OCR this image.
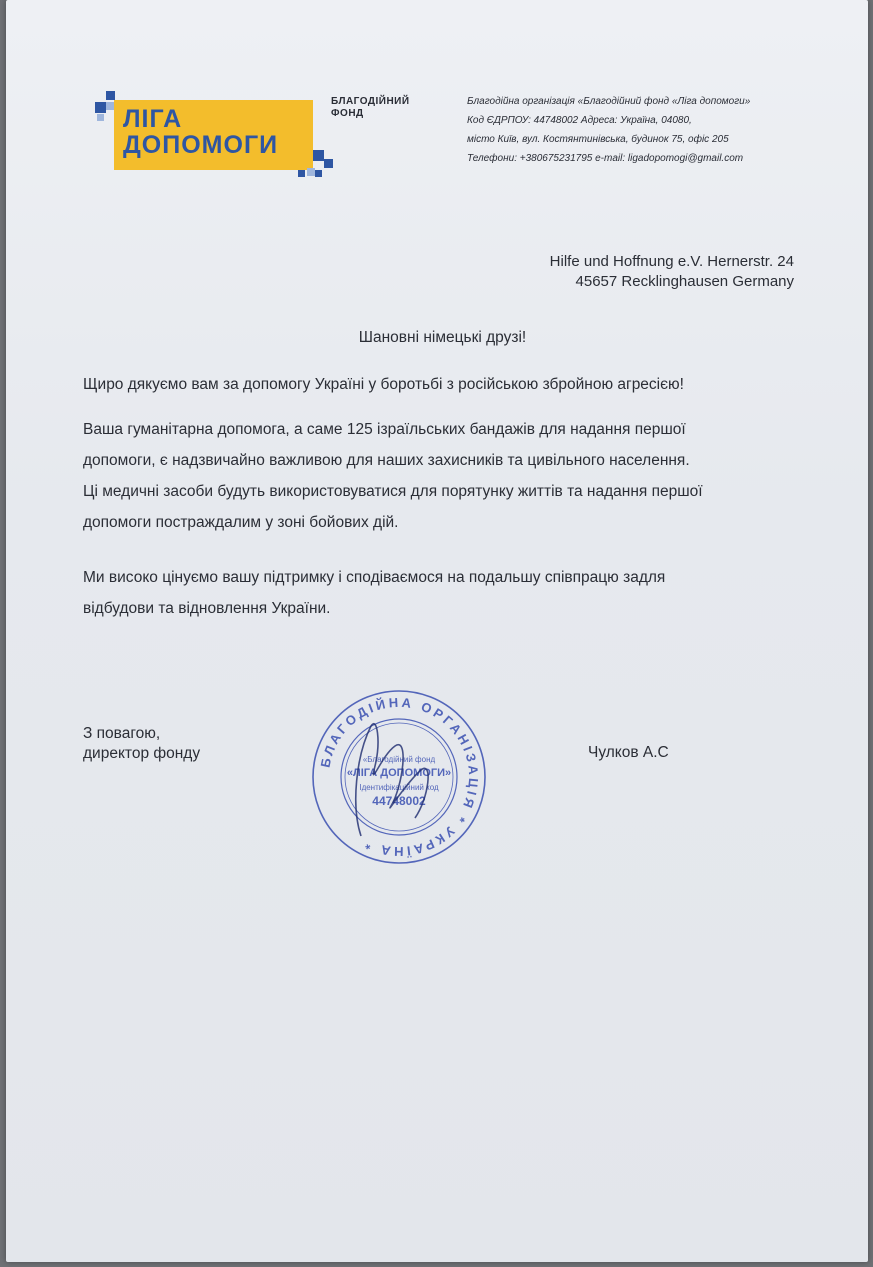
ЛІГА
ДОПОМОГИ
БЛАГОДІЙНИЙ
ФОНД
Благодійна організація «Благодійний фонд «Ліга допомоги»
Код ЄДРПОУ: 44748002 Адреса: Україна, 04080,
місто Київ, вул. Костянтинівська, будинок 75, офіс 205
Телефони: +380675231795 e-mail: ligadopomogi@gmail.com
Hilfe und Hoffnung e.V. Hernerstr. 24
45657 Recklinghausen Germany
Шановні німецькі друзі!
Щиро дякуємо вам за допомогу Україні у боротьбі з російською збройною агресією!
Ваша гуманітарна допомога, а саме 125 ізраїльських бандажів для надання першої
допомоги, є надзвичайно важливою для наших захисників та цивільного населення.
Ці медичні засоби будуть використовуватися для порятунку життів та надання першої
допомоги постраждалим у зоні бойових дій.
Ми високо цінуємо вашу підтримку і сподіваємося на подальшу співпрацю задля
відбудови та відновлення України.
З повагою,
директор фонду	БЛАГОДІЙНА ОРГАНІЗАЦІЯ * УКРАЇНА *
«Благодійний фонд
«ЛІГА ДОПОМОГИ»
Ідентифікаційний код
44748002
Чулков А.С
